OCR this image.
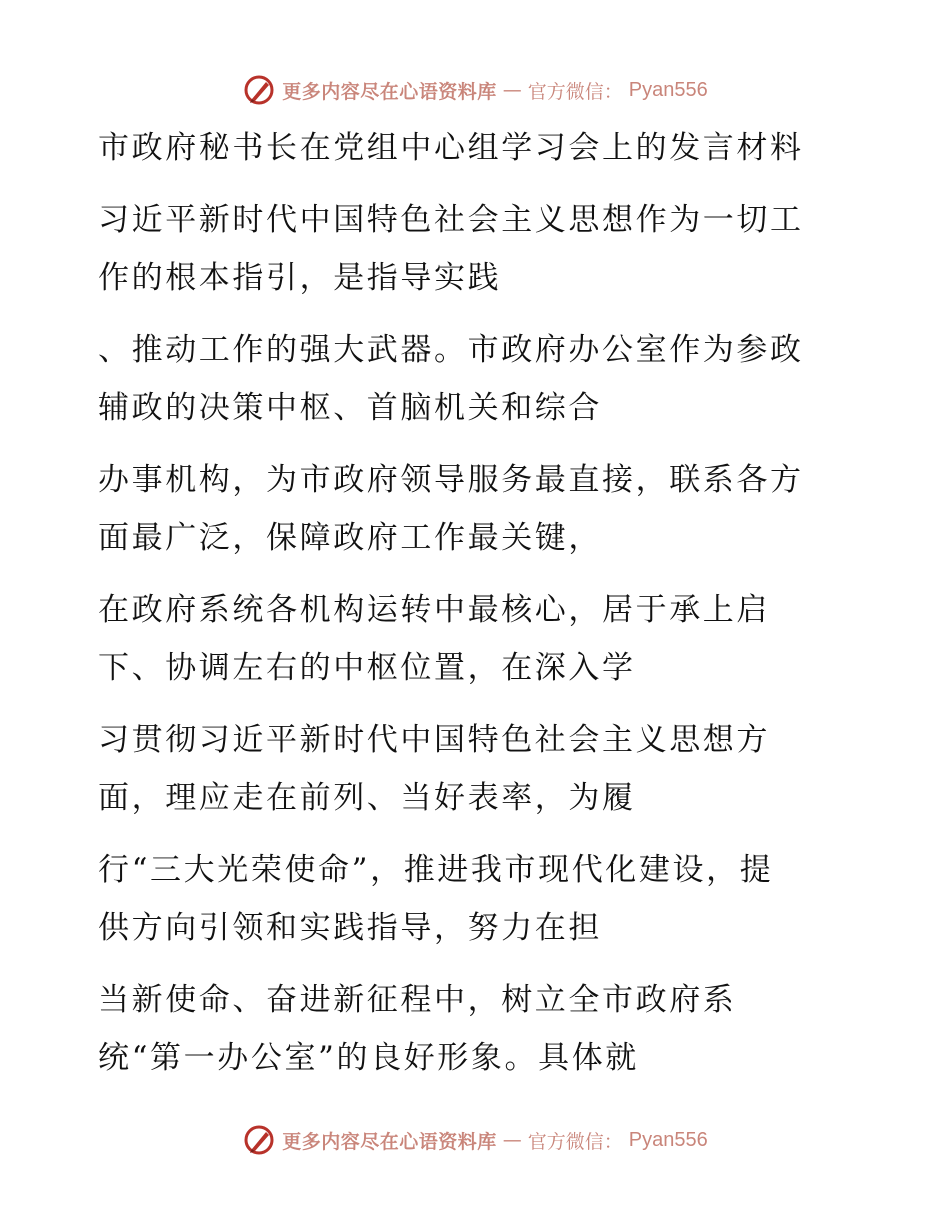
更多内容尽在心语资料库 — 官方微信： Pyan556
市政府秘书长在党组中心组学习会上的发言材料
习近平新时代中国特色社会主义思想作为一切工
作的根本指引，是指导实践
、推动工作的强大武器。市政府办公室作为参政
辅政的决策中枢、首脑机关和综合
办事机构，为市政府领导服务最直接，联系各方
面最广泛，保障政府工作最关键，
在政府系统各机构运转中最核心，居于承上启
下、协调左右的中枢位置，在深入学
习贯彻习近平新时代中国特色社会主义思想方
面，理应走在前列、当好表率，为履
行“三大光荣使命”，推进我市现代化建设，提
供方向引领和实践指导，努力在担
当新使命、奋进新征程中，树立全市政府系
统“第一办公室”的良好形象。具体就
更多内容尽在心语资料库 — 官方微信： Pyan556
